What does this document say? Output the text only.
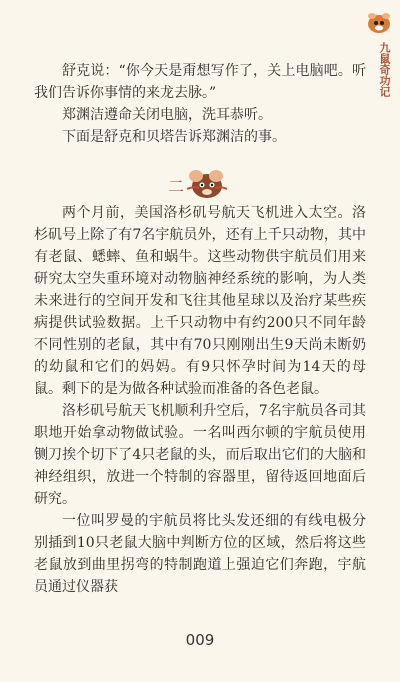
九鼠奇功记

舒克说：“你今天是甭想写作了，关上电脑吧。听我们告诉你事情的来龙去脉。”

郑渊洁遵命关闭电脑，洗耳恭听。

下面是舒克和贝塔告诉郑渊洁的事。

两个月前，美国洛杉矶号航天飞机进入太空。洛杉矶号上除了有7名宇航员外，还有上千只动物，其中有老鼠、蟋蟀、鱼和蜗牛。这些动物供宇航员们用来研究太空失重环境对动物脑神经系统的影响，为人类未来进行的空间开发和飞往其他星球以及治疗某些疾病提供试验数据。上千只动物中有约200只不同年龄不同性别的老鼠，其中有70只刚刚出生9天尚未断奶的幼鼠和它们的妈妈。有9只怀孕时间为14天的母鼠。剩下的是为做各种试验而准备的各色老鼠。

洛杉矶号航天飞机顺利升空后，7名宇航员各司其职地开始拿动物做试验。一名叫西尔顿的宇航员使用铡刀挨个切下了4只老鼠的头，而后取出它们的大脑和神经组织，放进一个特制的容器里，留待返回地面后研究。

一位叫罗曼的宇航员将比头发还细的有线电极分别插到10只老鼠大脑中判断方位的区域，然后将这些老鼠放到曲里拐弯的特制跑道上强迫它们奔跑，宇航员通过仪器获

二
009
